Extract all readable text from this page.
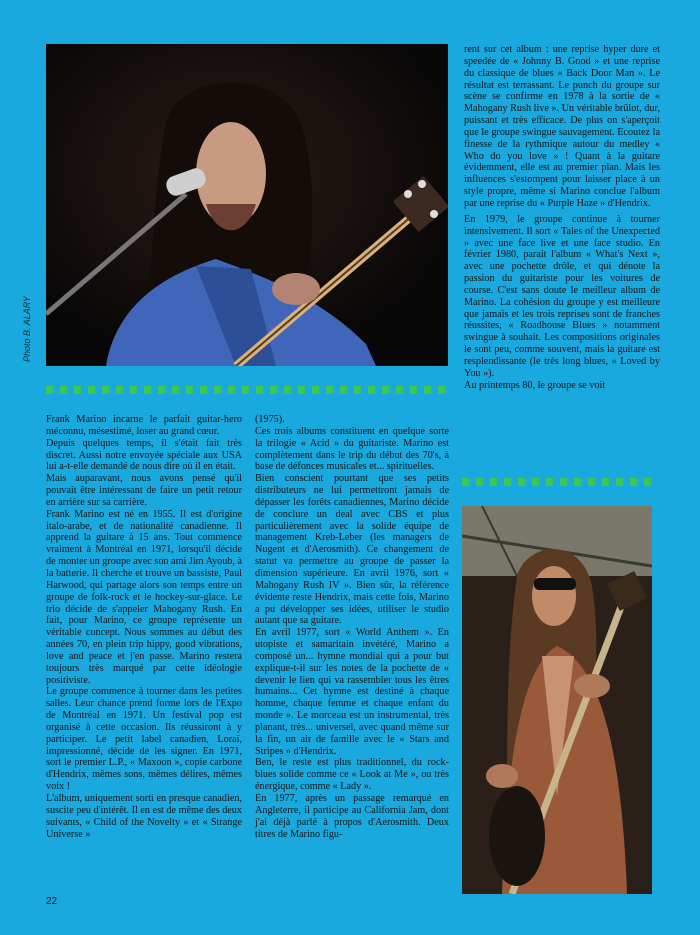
Photo B. ALARY

rent sur cet album : une reprise hyper dure et speedée de « Johnny B. Good » et une reprise du classique de blues « Back Door Man ». Le résultat est terrassant. Le punch du groupe sur scène se confirme en 1978 à la sortie de « Mahogany Rush live ». Un véritable brûlot, dur, puissant et très efficace. De plus on s'aperçoit que le groupe swingue sauvagement. Ecoutez la finesse de la rythmique autour du medley « Who do you love » ! Quant à la guitare évidemment, elle est au premier plan. Mais les influences s'estompent pour laisser place à un style propre, même si Marino conclue l'album par une reprise du « Purple Haze » d'Hendrix.

En 1979, le groupe continue à tourner intensivement. Il sort « Tales of the Unexpected » avec une face live et une face studio. En février 1980, parait l'album « What's Next », avec une pochette drôle, et qui dénote la passion du guitariste pour les voitures de course. C'est sans doute le meilleur album de Marino. La cohésion du groupe y est meilleure que jamais et les trois reprises sont de franches réussites, « Roadhouse Blues » notamment swingue à souhait. Les compositions originales le sont peu, comme souvent, mais la guitare est resplendissante (le très long blues, « Loved by You »).

Au printemps 80, le groupe se voit

Frank Marino incarne le parfait guitar-hero méconnu, mésestimé, loser au grand cœur.

Depuis quelques temps, il s'était fait très discret. Aussi notre envoyée spéciale aux USA lui a-t-elle demandé de nous dire où il en était.

Mais auparavant, nous avons pensé qu'il pouvait être intéressant de faire un petit retour en arrière sur sa carrière.

Frank Marino est né en 1955. Il est d'origine italo-arabe, et de nationalité canadienne. Il apprend la guitare à 15 ans. Tout commence vraiment à Montréal en 1971, lorsqu'il décide de monter un groupe avec son ami Jim Ayoub, à la batterie. Il cherche et trouve un bassiste, Paul Harwood, qui partage alors son temps entre un groupe de folk-rock et le hockey-sur-glace. Le trio décide de s'appeler Mahogany Rush. En fait, pour Marino, ce groupe représente un véritable concept. Nous sommes au début des années 70, en plein trip hippy, good vibrations, love and peace et j'en passe. Marino restera toujours très marqué par cette idéologie positiviste.

Le groupe commence à tourner dans les petites salles. Leur chance prend forme lors de l'Expo de Montréal en 1971. Un festival pop est organisé à cette occasion. Ils réussiront à y participer. Le petit label canadien, Loraï, impressionné, décide de les signer. En 1971, sort le premier L.P., « Maxoon », copie carbone d'Hendrix, mêmes sons, mêmes délires, mêmes voix !

L'album, uniquement sorti en presque canadien, suscite peu d'intérêt. Il en est de même des deux suivants, « Child of the Novelty » et « Strange Universe »

(1975).

Ces trois albums constituent en quelque sorte la trilogie « Acid » du guitariste. Marino est complètement dans le trip du début des 70's, à base de défonces musicales et... spirituelles.

Bien conscient pourtant que ses petits distributeurs ne lui permettront jamais de dépasser les forêts canadiennes, Marino décide de conclure un deal avec CBS et plus particulièrement avec la solide équipe de management Kreb-Leber (les managers de Nugent et d'Aerosmith). Ce changement de statut va permettre au groupe de passer la dimension supérieure. En avril 1976, sort « Mahogany Rush IV ». Bien sûr, la référence évidente reste Hendrix, mais cette fois, Marino a pu développer ses idées, utiliser le studio autant que sa guitare.

En avril 1977, sort « World Anthem ». En utopiste et samaritain invétéré, Marino a composé un... hymne mondial qui a pour but explique-t-il sur les notes de la pochette de « devenir le lien qui va rassembler tous les êtres humains... Cet hymne est destiné à chaque homme, chaque femme et chaque enfant du monde ». Le morceau est un instrumental, très planant, très... universel, avec quand même sur la fin, un air de famille avec le « Stars and Stripes » d'Hendrix.

Ben, le reste est plus traditionnel, du rock-blues solide comme ce « Look at Me », ou très énergique, comme « Lady ».

En 1977, après un passage remarqué en Angleterre, il participe au California Jam, dont j'ai déjà parlé à propos d'Aerosmith. Deux titres de Marino figu-

22
